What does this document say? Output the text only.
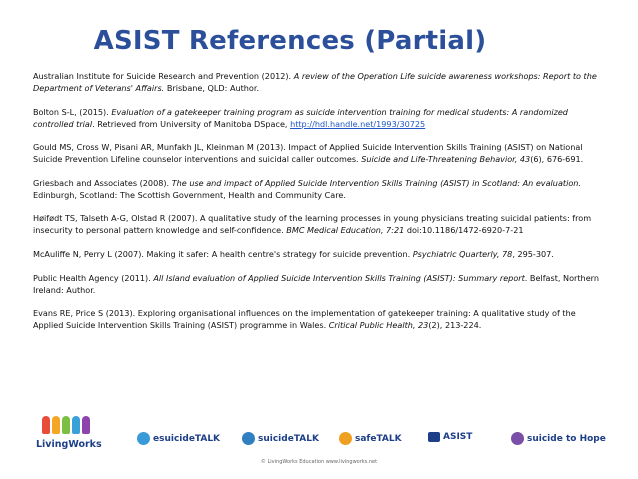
ASIST References (Partial)

Australian Institute for Suicide Research and Prevention (2012). A review of the Operation Life suicide awareness workshops: Report to the Department of Veterans' Affairs. Brisbane, QLD: Author.

Bolton S-L, (2015). Evaluation of a gatekeeper training program as suicide intervention training for medical students: A randomized controlled trial. Retrieved from University of Manitoba DSpace, http://hdl.handle.net/1993/30725

Gould MS, Cross W, Pisani AR, Munfakh JL, Kleinman M (2013). Impact of Applied Suicide Intervention Skills Training (ASIST) on National Suicide Prevention Lifeline counselor interventions and suicidal caller outcomes. Suicide and Life-Threatening Behavior, 43(6), 676-691.

Griesbach and Associates (2008). The use and impact of Applied Suicide Intervention Skills Training (ASIST) in Scotland: An evaluation. Edinburgh, Scotland: The Scottish Government, Health and Community Care.

Høifødt TS, Talseth A-G, Olstad R (2007). A qualitative study of the learning processes in young physicians treating suicidal patients: from insecurity to personal pattern knowledge and self-confidence. BMC Medical Education, 7:21 doi:10.1186/1472-6920-7-21

McAuliffe N, Perry L (2007). Making it safer: A health centre's strategy for suicide prevention. Psychiatric Quarterly, 78, 295-307.

Public Health Agency (2011). All Island evaluation of Applied Suicide Intervention Skills Training (ASIST): Summary report. Belfast, Northern Ireland: Author.

Evans RE, Price S (2013). Exploring organisational influences on the implementation of gatekeeper training: A qualitative study of the Applied Suicide Intervention Skills Training (ASIST) programme in Wales. Critical Public Health, 23(2), 213-224.

LivingWorks
esuicideTALK	suicideTALK	safeTALK	ASIST	suicide to Hope
© LivingWorks Education www.livingworks.net
